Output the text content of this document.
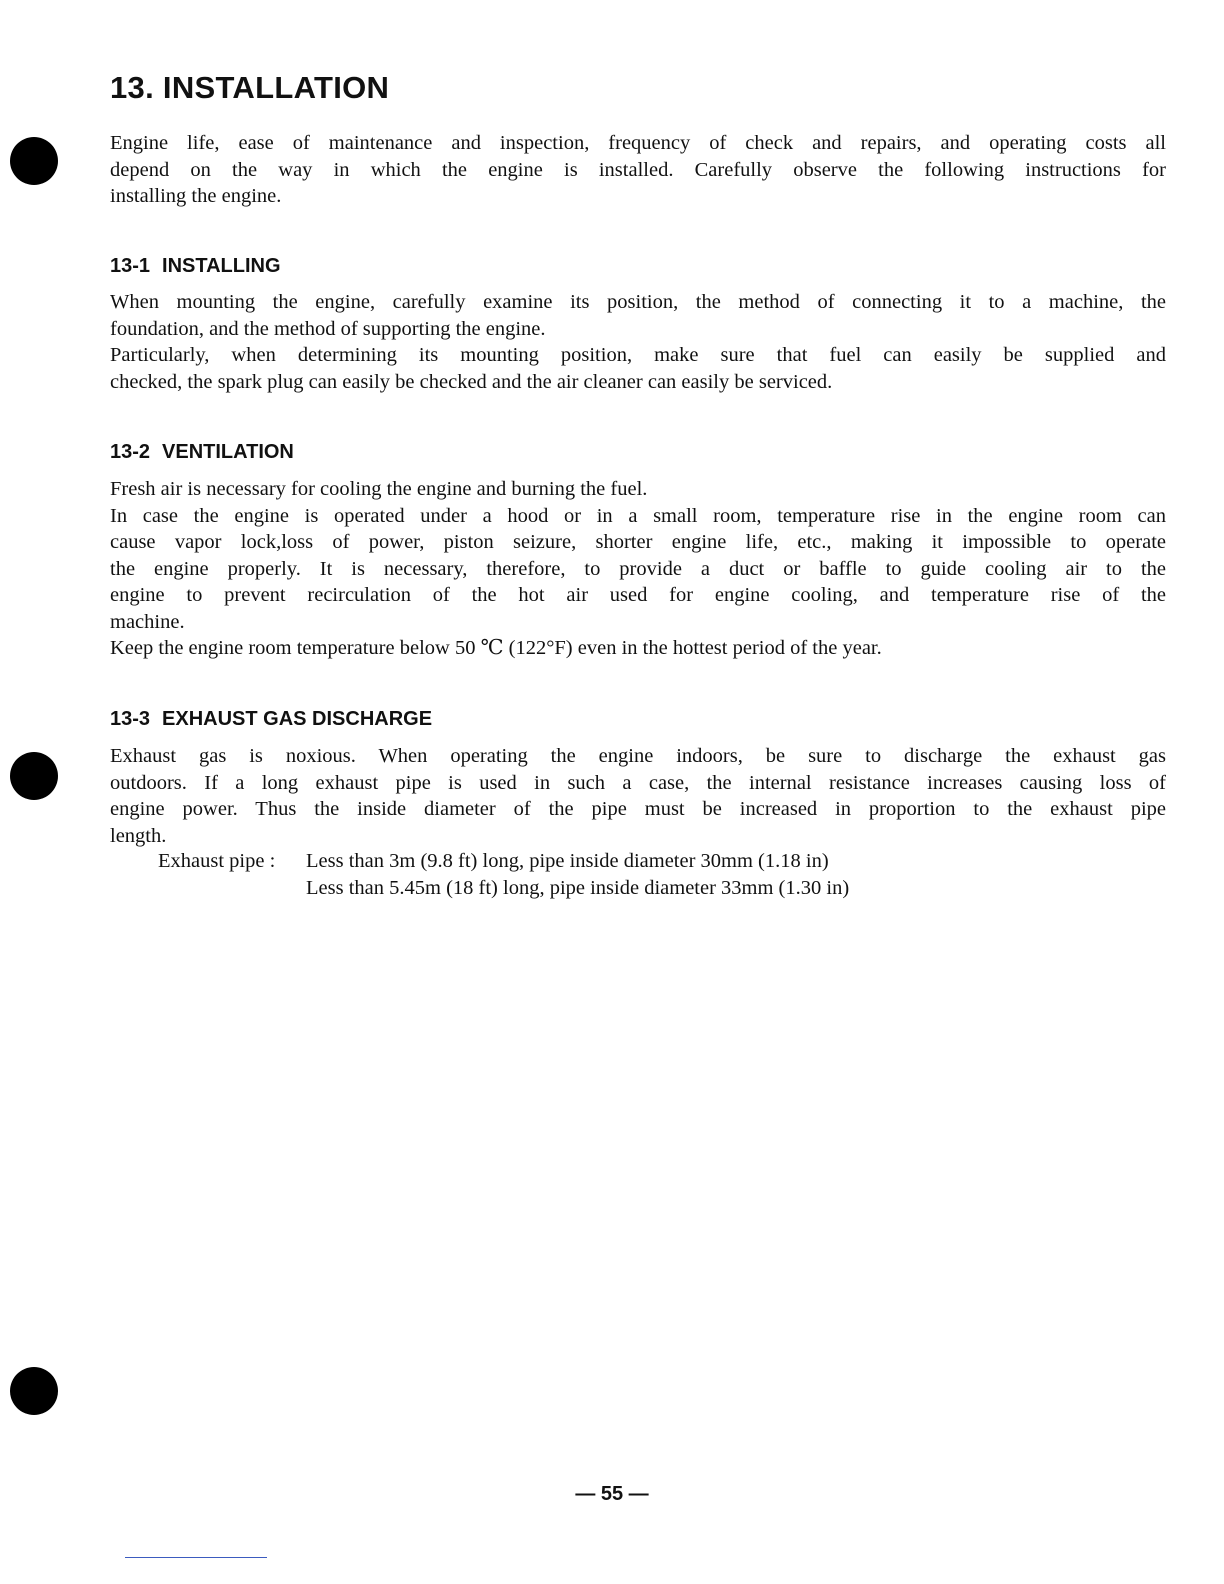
13. INSTALLATION

Engine life, ease of maintenance and inspection, frequency of check and repairs, and operating costs all
depend on the way in which the engine is installed. Carefully observe the following instructions for
installing the engine.

13-1 INSTALLING

When mounting the engine, carefully examine its position, the method of connecting it to a machine, the
foundation, and the method of supporting the engine.
Particularly, when determining its mounting position, make sure that fuel can easily be supplied and
checked, the spark plug can easily be checked and the air cleaner can easily be serviced.

13-2 VENTILATION

Fresh air is necessary for cooling the engine and burning the fuel.
In case the engine is operated under a hood or in a small room, temperature rise in the engine room can
cause vapor lock,loss of power, piston seizure, shorter engine life, etc., making it impossible to operate
the engine properly. It is necessary, therefore, to provide a duct or baffle to guide cooling air to the
engine to prevent recirculation of the hot air used for engine cooling, and temperature rise of the
machine.
Keep the engine room temperature below 50 ℃ (122°F) even in the hottest period of the year.

13-3 EXHAUST GAS DISCHARGE

Exhaust gas is noxious. When operating the engine indoors, be sure to discharge the exhaust gas
outdoors. If a long exhaust pipe is used in such a case, the internal resistance increases causing loss of
engine power. Thus the inside diameter of the pipe must be increased in proportion to the exhaust pipe
length.

Exhaust pipe : Less than 3m (9.8 ft) long, pipe inside diameter 30mm (1.18 in)
Less than 5.45m (18 ft) long, pipe inside diameter 33mm (1.30 in)
— 55 —
